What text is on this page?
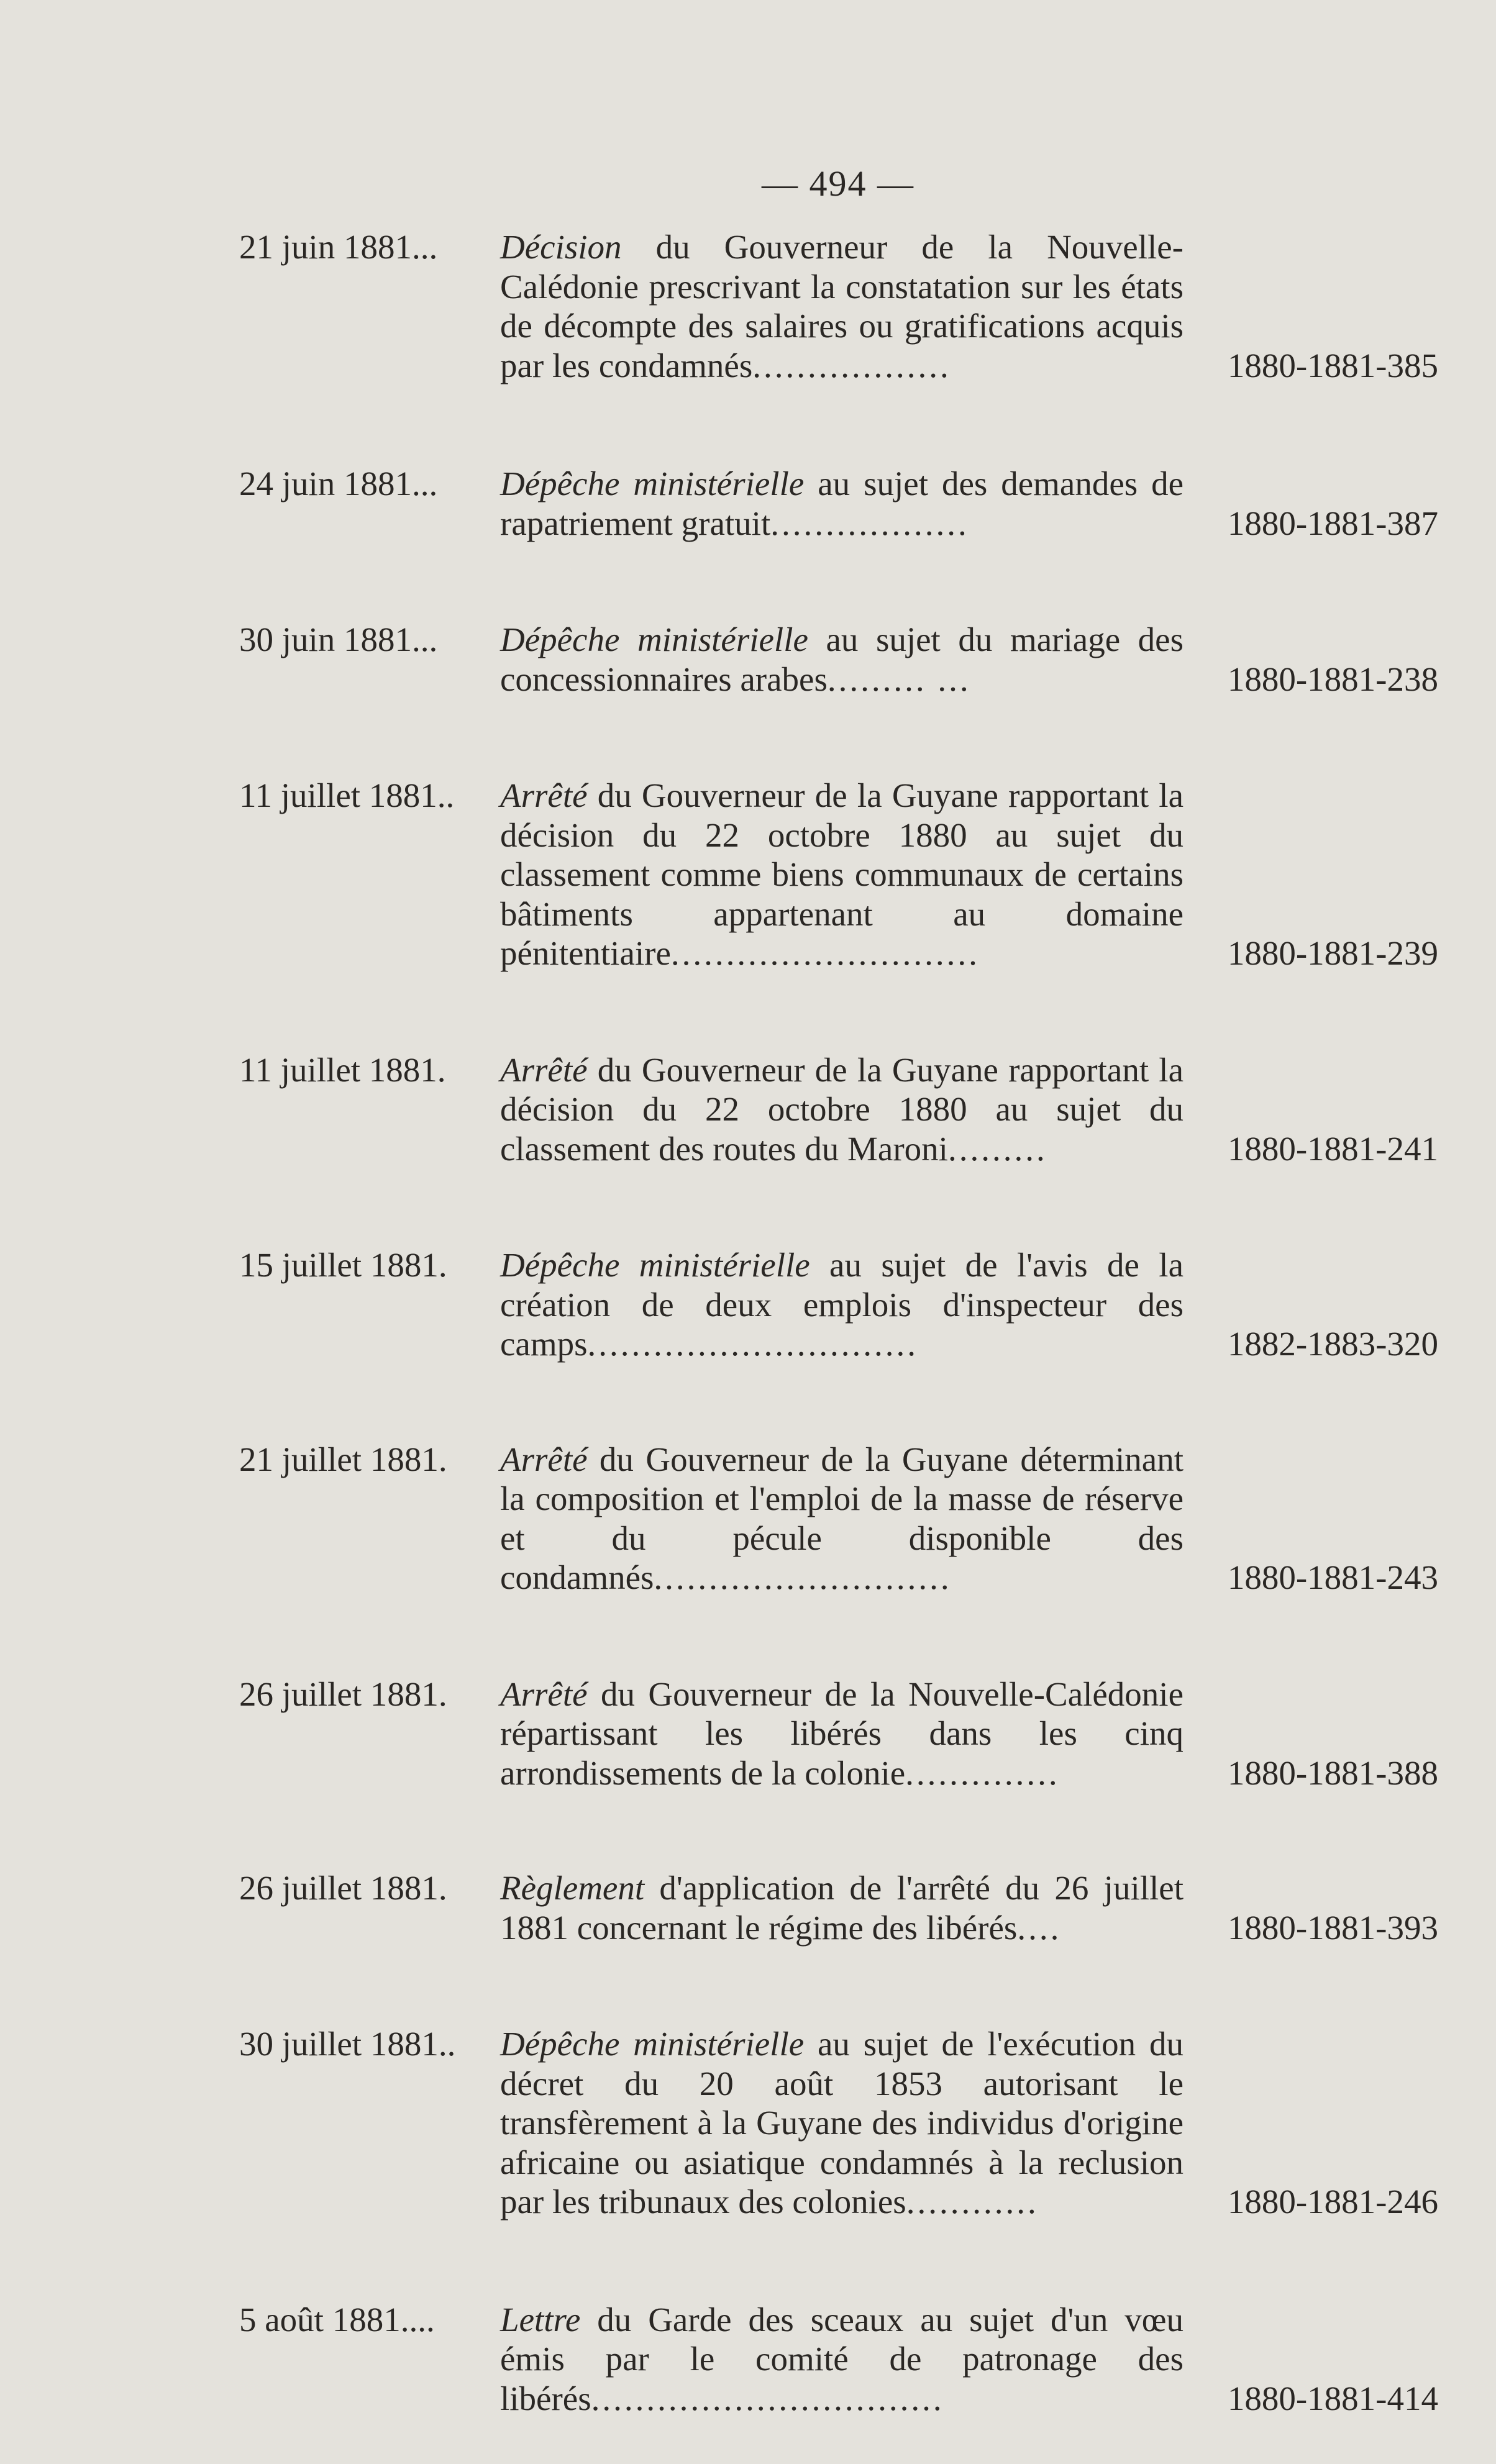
— 494 —
21 juin 1881...	Décision du Gouverneur de la Nouvelle-Calédonie prescrivant la constatation sur les états de décompte des salaires ou gratifications acquis par les condamnés..................	1880-1881-385
24 juin 1881...	Dépêche ministérielle au sujet des demandes de rapatriement gratuit..................	1880-1881-387
30 juin 1881...	Dépêche ministérielle au sujet du mariage des concessionnaires arabes......... ...	1880-1881-238
11 juillet 1881..	Arrêté du Gouverneur de la Guyane rapportant la décision du 22 octobre 1880 au sujet du classement comme biens communaux de certains bâtiments appartenant au domaine pénitentiaire............................	1880-1881-239
11 juillet 1881.	Arrêté du Gouverneur de la Guyane rapportant la décision du 22 octobre 1880 au sujet du classement des routes du Maroni.........	1880-1881-241
15 juillet 1881.	Dépêche ministérielle au sujet de l'avis de la création de deux emplois d'inspecteur des camps..............................	1882-1883-320
21 juillet 1881.	Arrêté du Gouverneur de la Guyane déterminant la composition et l'emploi de la masse de réserve et du pécule disponible des condamnés...........................	1880-1881-243
26 juillet 1881.	Arrêté du Gouverneur de la Nouvelle-Calédonie répartissant les libérés dans les cinq arrondissements de la colonie..............	1880-1881-388
26 juillet 1881.	Règlement d'application de l'arrêté du 26 juillet 1881 concernant le régime des libérés....	1880-1881-393
30 juillet 1881..	Dépêche ministérielle au sujet de l'exécution du décret du 20 août 1853 autorisant le transfèrement à la Guyane des individus d'origine africaine ou asiatique condamnés à la reclusion par les tribunaux des colonies............	1880-1881-246
5 août 1881....	Lettre du Garde des sceaux au sujet d'un vœu émis par le comité de patronage des libérés................................	1880-1881-414
